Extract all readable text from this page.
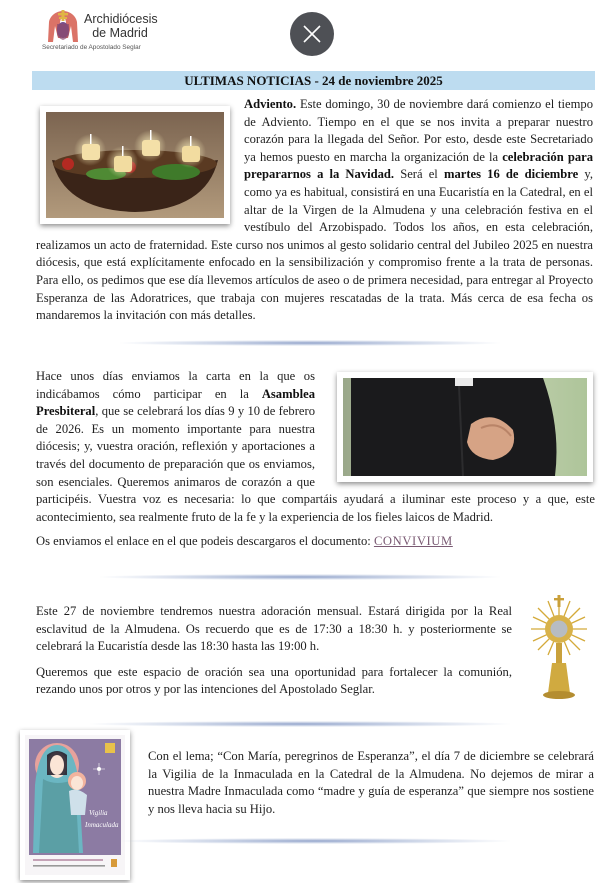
Archidiócesis
de Madrid
Secretariado de Apostolado Seglar
ULTIMAS NOTICIAS - 24 de noviembre 2025

Adviento. Este domingo, 30 de noviembre dará comienzo el tiempo de Adviento. Tiempo en el que se nos invita a preparar nuestro corazón para la llegada del Señor. Por esto, desde este Secretariado ya hemos puesto en marcha la organización de la celebración para prepararnos a la Navidad. Será el martes 16 de diciembre y, como ya es habitual, consistirá en una Eucaristía en la Catedral, en el altar de la Virgen de la Almudena y una celebración festiva en el vestíbulo del Arzobispado. Todos los años, en esta celebración, realizamos un acto de fraternidad. Este curso nos unimos al gesto solidario central del Jubileo 2025 en nuestra diócesis, que está explícitamente enfocado en la sensibilización y compromiso frente a la trata de personas. Para ello, os pedimos que ese día llevemos artículos de aseo o de primera necesidad, para entregar al Proyecto Esperanza de las Adoratrices, que trabaja con mujeres rescatadas de la trata. Más cerca de esa fecha os mandaremos la invitación con más detalles.

Hace unos días enviamos la carta en la que os indicábamos cómo participar en la Asamblea Presbiteral, que se celebrará los días 9 y 10 de febrero de 2026. Es un momento importante para nuestra diócesis; y, vuestra oración, reflexión y aportaciones a través del documento de preparación que os enviamos, son esenciales. Queremos animaros de corazón a que participéis. Vuestra voz es necesaria: lo que compartáis ayudará a iluminar este proceso y a que, este acontecimiento, sea realmente fruto de la fe y la experiencia de los fieles laicos de Madrid.

Os enviamos el enlace en el que podeis descargaros el documento: CONVIVIUM

Este 27 de noviembre tendremos nuestra adoración mensual. Estará dirigida por la Real esclavitud de la Almudena. Os recuerdo que es de 17:30 a 18:30 h. y posteriormente se celebrará la Eucaristía desde las 18:30 hasta las 19:00 h.

Queremos que este espacio de oración sea una oportunidad para fortalecer la comunión, rezando unos por otros y por las intenciones del Apostolado Seglar.

Vigilia
Inmaculada

Con el lema; “Con María, peregrinos de Esperanza”, el día 7 de diciembre se celebrará la Vigilia de la Inmaculada en la Catedral de la Almudena. No dejemos de mirar a nuestra Madre Inmaculada como “madre y guía de esperanza” que siempre nos sostiene y nos lleva hacia su Hijo.
